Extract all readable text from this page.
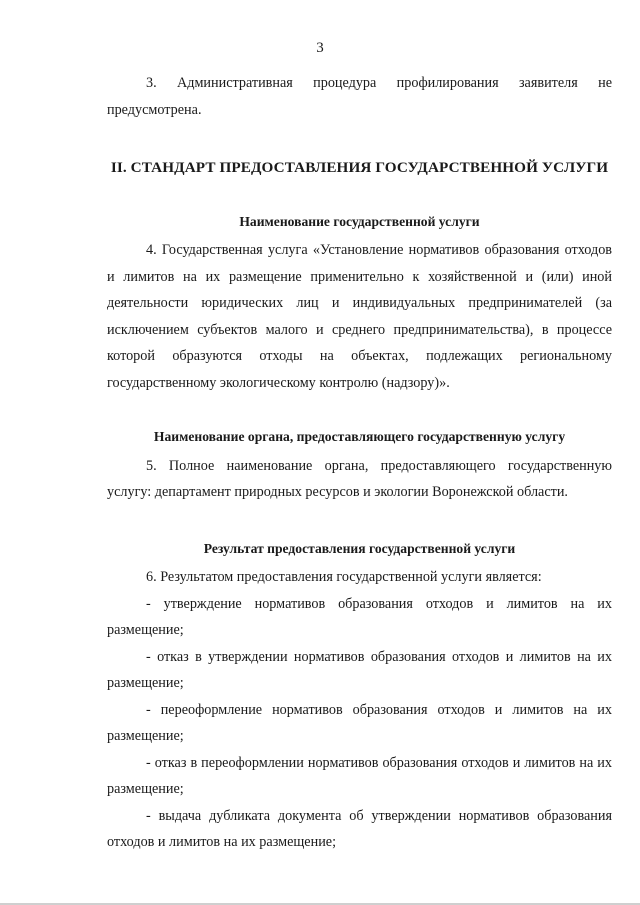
3

3. Административная процедура профилирования заявителя не предусмотрена.

II. СТАНДАРТ ПРЕДОСТАВЛЕНИЯ ГОСУДАРСТВЕННОЙ УСЛУГИ
Наименование государственной услуги

4. Государственная услуга «Установление нормативов образования отходов и лимитов на их размещение применительно к хозяйственной и (или) иной деятельности юридических лиц и индивидуальных предпринимателей (за исключением субъектов малого и среднего предпринимательства), в процессе которой образуются отходы на объектах, подлежащих региональному государственному экологическому контролю (надзору)».

Наименование органа, предоставляющего государственную услугу

5. Полное наименование органа, предоставляющего государственную услугу: департамент природных ресурсов и экологии Воронежской области.

Результат предоставления государственной услуги

6. Результатом предоставления государственной услуги является:

- утверждение нормативов образования отходов и лимитов на их размещение;

- отказ в утверждении нормативов образования отходов и лимитов на их размещение;

- переоформление нормативов образования отходов и лимитов на их размещение;

- отказ в переоформлении нормативов образования отходов и лимитов на их размещение;

- выдача дубликата документа об утверждении нормативов образования отходов и лимитов на их размещение;
